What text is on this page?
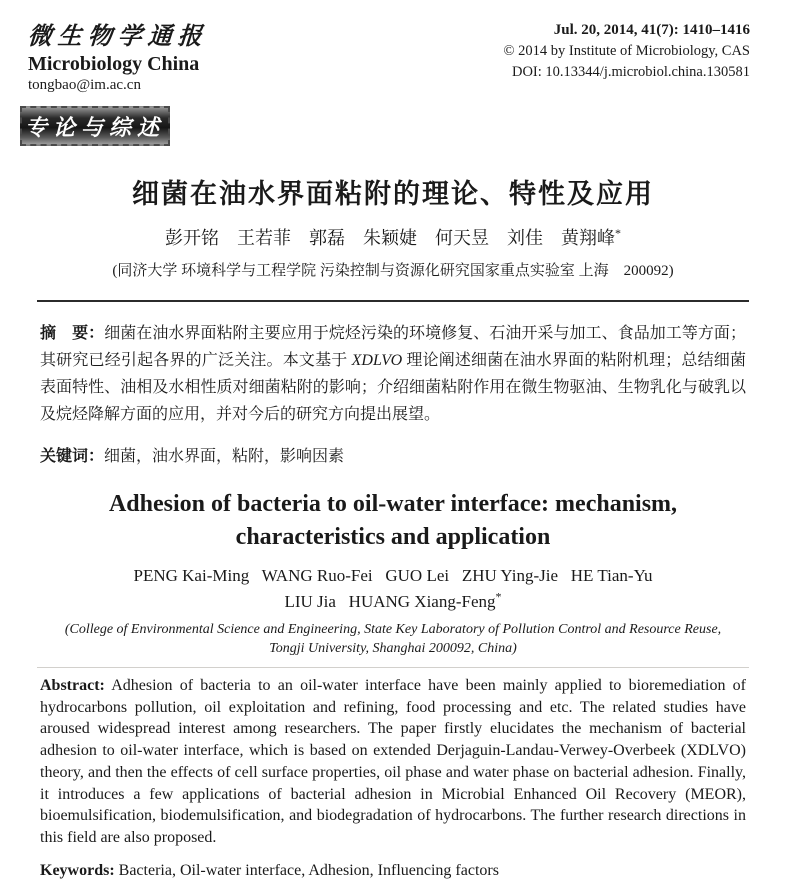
微生物学通报
Microbiology China
tongbao@im.ac.cn
Jul. 20, 2014, 41(7): 1410–1416
© 2014 by Institute of Microbiology, CAS
DOI: 10.13344/j.microbiol.china.130581
专论与综述
细菌在油水界面粘附的理论、特性及应用
彭开铭　王若菲　郭磊　朱颖婕　何天昱　刘佳　黄翔峰*
(同济大学 环境科学与工程学院 污染控制与资源化研究国家重点实验室 上海　200092)

摘　要：细菌在油水界面粘附主要应用于烷烃污染的环境修复、石油开采与加工、食品加工等方面；其研究已经引起各界的广泛关注。本文基于 XDLVO 理论阐述细菌在油水界面的粘附机理；总结细菌表面特性、油相及水相性质对细菌粘附的影响；介绍细菌粘附作用在微生物驱油、生物乳化与破乳以及烷烃降解方面的应用，并对今后的研究方向提出展望。

关键词：细菌，油水界面，粘附，影响因素

Adhesion of bacteria to oil-water interface: mechanism,
characteristics and application
PENG Kai-Ming   WANG Ruo-Fei   GUO Lei   ZHU Ying-Jie   HE Tian-Yu
LIU Jia   HUANG Xiang-Feng*
(College of Environmental Science and Engineering, State Key Laboratory of Pollution Control and Resource Reuse, Tongji University, Shanghai 200092, China)

Abstract: Adhesion of bacteria to an oil-water interface have been mainly applied to bioremediation of hydrocarbons pollution, oil exploitation and refining, food processing and etc. The related studies have aroused widespread interest among researchers. The paper firstly elucidates the mechanism of bacterial adhesion to oil-water interface, which is based on extended Derjaguin-Landau-Verwey-Overbeek (XDLVO) theory, and then the effects of cell surface properties, oil phase and water phase on bacterial adhesion. Finally, it introduces a few applications of bacterial adhesion in Microbial Enhanced Oil Recovery (MEOR), bioemulsification, biodemulsification, and biodegradation of hydrocarbons. The further research directions in this field are also proposed.

Keywords: Bacteria, Oil-water interface, Adhesion, Influencing factors
